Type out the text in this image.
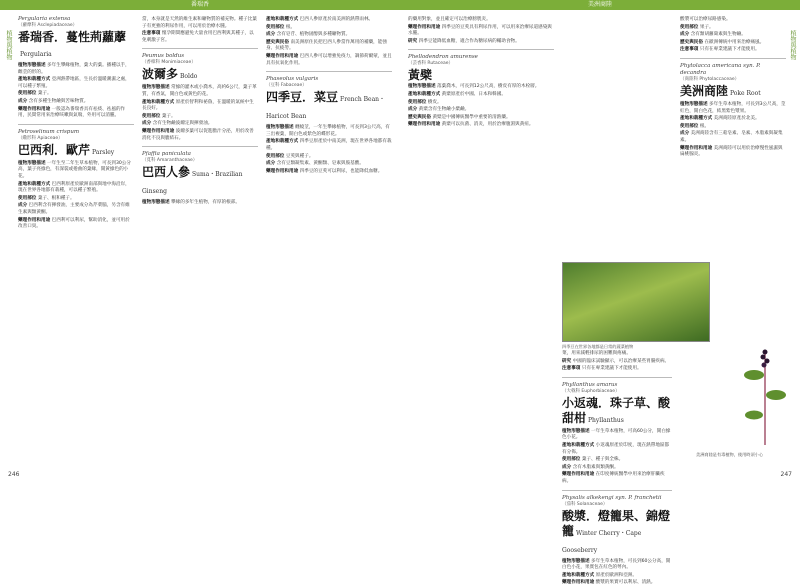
番瑞香
植物與植物
Pergularia extensa
（蘿藦科 Asclepiadaceae）
番瑞香．蔓性荊蘿藦Pergularia
植物形態描述 多年生攀緣植物，葉大的葉。播種以手，雌莖的形的。
產地和栽種方式 亞洲熱帶地區，生長於溫暖潮濕之處，可以種子繁殖。
使用部位 葉子。
成分 含有多種生物鹼與苦味物質。
藥理作用和用途 一般認為番瑞香具有祛痰、祛風的作用，民間常用來治療咳嗽與氣喘，外用可以消腫。
Petroselinum crispum
（繖形科 Apiaceae）
巴西利．歐芹 Parsley
植物形態描述 一年生至二年生草本植物，可長到30公分高，葉子亮綠色，有深裂或捲曲的葉緣，開黃綠色的小花。
產地和栽種方式 巴西利原產於歐洲南部與地中海沿岸，現在世界各地都有栽種，可以種子繁殖。
使用部位 葉子、根和種子。
成分 巴西利含有揮發油，主要成分為芹菜腦，另含有維生素與類黃酮。
藥理作用和用途 巴西利可以利尿，幫助消化，並可用於改善口臭。
當，本身就是天然的維生素和礦物質的補充物。種子比葉子有更強的利尿作用，可以用於治療水腫。
注意事項 懷孕期間應避免大量食用巴西利與其種子，以免刺激子宮。
Peumus boldus
（香樟科 Monimiaceae）
波爾多 Boldo
植物形態描述 常綠的灌木或小喬木，高約6公尺，葉子革質，有香氣，開白色或黃色的花。
產地和栽種方式 原產於智利和祕魯，在溫暖的氣候中生長良好。
使用部位 葉子。
成分 含有生物鹼波爾定與揮發油。
藥理作用和用途 波爾多葉可以促進膽汁分泌，用於改善消化不良與膽結石。
Pfaffia paniculata
（莧科 Amaranthaceae）
巴西人參 Suma・Brazilian Ginseng
植物形態描述 攀緣的多年生植物，有厚的根部。
產地和栽種方式 巴西人參原產於南美洲的熱帶雨林。
使用部位 根。
成分 含有皂苷、植物固醇與多種礦物質。
歷史與民俗 南美洲原住民把巴西人參當作萬用的補藥，能強身、抗疲勞。
藥理作用和用途 巴西人參可以增強免疫力，調節荷爾蒙，並且具有抗氧化作用。
Phaseolus vulgaris
（豆科 Fabaceae）
四季豆．菜豆 French Bean・Haricot Bean
植物形態描述 纏繞莖，一年生攀緣植物，可長到3公尺高，有三出複葉，開白色或紫色的蝶形花。
產地和栽種方式 四季豆原產於中南美洲，現在世界各地都有栽種。
使用部位 豆莢與種子。
成分 含有豆類凝集素、黃酮類、皂素與胺基酸。
藥理作用和用途 四季豆的豆莢可以利尿，也能降低血糖。
246
美洲商陸
植物與植物
的藥用對象，並且確定可以治療膀胱炎。
藥理作用和用途 四季豆的豆莢具有利尿作用，可以用來治療尿道感染與水腫。
研究 四季豆能降低血糖，適合作為糖尿病的輔助食物。
Phellodendron amurense
（芸香科 Rutaceae）
黃檗
植物形態描述 落葉喬木，可長到12公尺高，樹皮有厚的木栓層。
產地和栽種方式 黃檗原產於中國、日本和韓國。
使用部位 樹皮。
成分 黃檗含有生物鹼小檗鹼。
歷史與民俗 黃檗是中國傳統醫學中重要的清熱藥。
藥理作用和用途 黃檗可以抗菌、消炎，用於治療腹瀉與黃疸。
四季豆在世界各地都是日常的蔬菜植物
菜，用來減輕排尿的困難與疼痛。
研究 中國的臨床試驗顯示，可以治療某些胃腸疾病。
注意事項 只有在專業建議下才能使用。
Phyllanthus amarus
（大戟科 Euphorbiaceae）
小返魂．珠子草、酸甜柑 Phyllanthus
植物形態描述 一年生草本植物，可高60公分，開白綠色小花。
產地和栽種方式 小返魂原產於印度，現在熱帶地區都有分佈。
使用部位 葉子、種子與全株。
成分 含有木脂素與類黃酮。
藥理作用和用途 在印度傳統醫學中用來治療肝臟疾病。
Physalis alkekengi syn. P. franchetii
（茄科 Solanaceae）
酸漿．燈籠果、錦燈籠 Winter Cherry・Cape Gooseberry
植物形態描述 多年生草本植物，可長到60公分高，開白色小花，果實包在紅色的萼內。
產地和栽種方式 原產於歐洲和亞洲。
藥理作用和用途 酸漿的果實可以利尿、清熱。
酸漿可以治療尿路感染。
使用部位 果子。
成分 含有類胡蘿蔔素與生物鹼。
歷史與民俗 在歐洲傳統中用來治療痛風。
注意事項 只有在專業建議下才能使用。
Phytolacca americana syn. P. decandra
（商陸科 Phytolaccaceae）
美洲商陸 Poke Root
植物形態描述 多年生草本植物，可長到3公尺高，莖紅色，開白色花，結黑紫色漿果。
產地和栽種方式 美洲商陸原產於北美。
使用部位 根。
成分 美洲商陸含有三萜皂素、皂素、木脂素與凝集素。
藥理作用和用途 美洲商陸可以用於治療慢性風濕與扁桃腺炎。
美洲商陸是有毒植物，使用時須小心
247
